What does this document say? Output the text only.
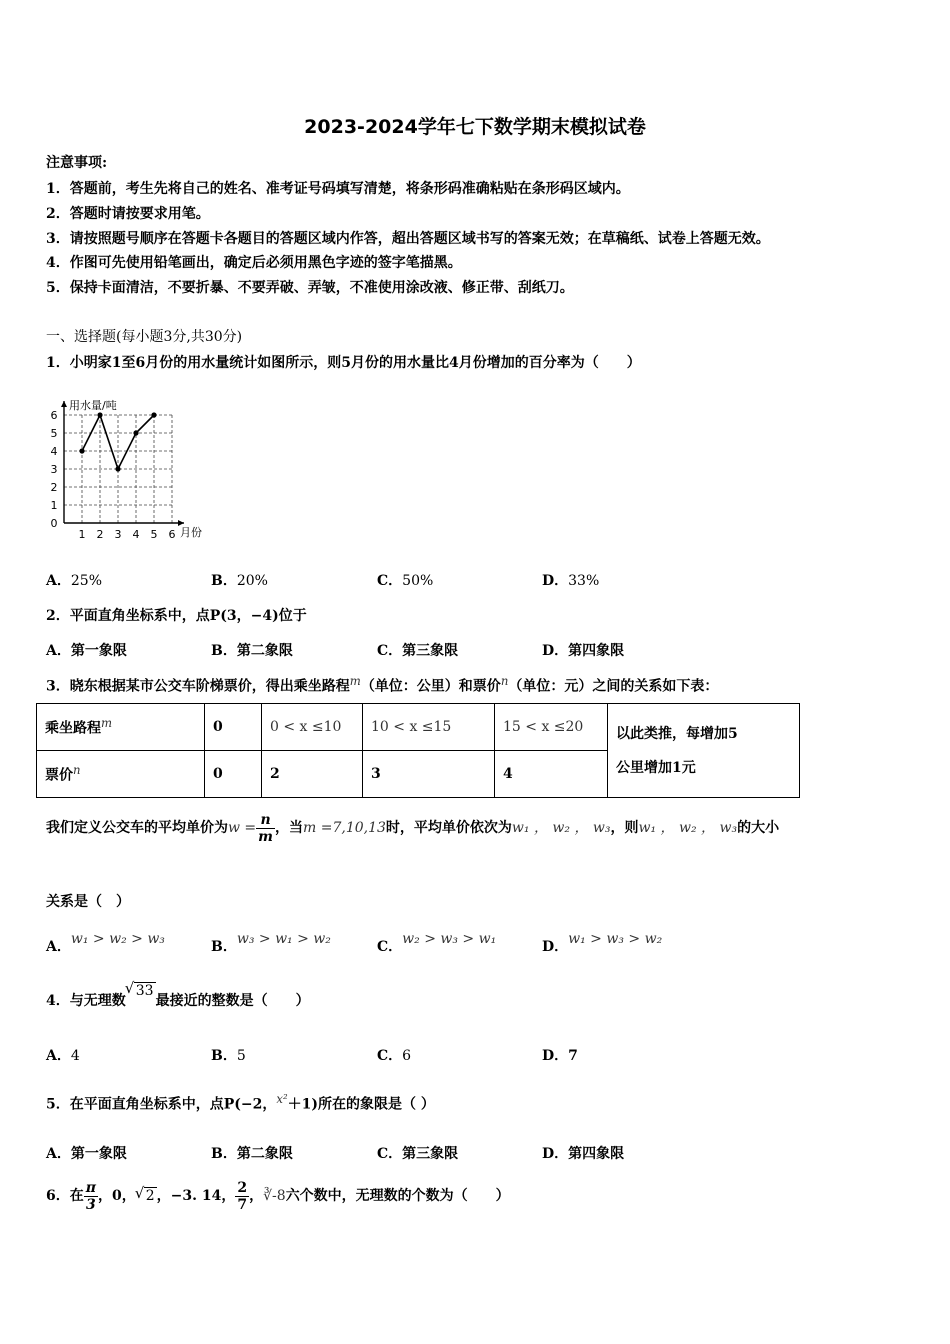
2023-2024学年七下数学期末模拟试卷
注意事项:
1．答题前，考生先将自己的姓名、准考证号码填写清楚，将条形码准确粘贴在条形码区域内。
2．答题时请按要求用笔。
3．请按照题号顺序在答题卡各题目的答题区域内作答，超出答题区域书写的答案无效；在草稿纸、试卷上答题无效。
4．作图可先使用铅笔画出，确定后必须用黑色字迹的签字笔描黑。
5．保持卡面清洁，不要折暴、不要弄破、弄皱，不准使用涂改液、修正带、刮纸刀。
一、选择题(每小题3分,共30分)
1．小明家1至6月份的用水量统计如图所示，则5月份的用水量比4月份增加的百分率为（　　）
0
1
2
3
4
5
6
1 2 3 4 5 6
用水量/吨
月份
A．25%	B．20%	C．50%	D．33%
2．平面直角坐标系中，点P(3，−4)位于
A．第一象限	B．第二象限	C．第三象限	D．第四象限
3．晓东根据某市公交车阶梯票价，得出乘坐路程$^m$（单位：公里）和票价$^n$（单位：元）之间的关系如下表：
乘坐路程$^m$	0	0 < x ≤10	10 < x ≤15	15 < x ≤20	以此类推，每增加5
公里增加1元
票价$^n$	0	2	3	4	
我们定义公交车的平均单价为$w = \frac{n}{m}$ ，当m =7,10,13时，平均单价依次为w₁ ， w₂ ， w₃，则w₁ ， w₂ ， w₃的大小
关系是（　）
A．w₁ > w₂ > w₃	B．w₃ > w₁ > w₂	C．w₂ > w₃ > w₁	D．w₁ > w₃ > w₂
4．与无理数√ 33最接近的整数是（　　）
A．4	B．5	C．6	D．7
5．在平面直角坐标系中，点P(−2，$^{x^2}$＋1)所在的象限是（ ）
A．第一象限	B．第二象限	C．第三象限	D．第四象限
6．在 $\frac{\pi}{3}$ ，0， √ 2 ，−3. 14， $\frac{2}{7}$ ，∛-8六个数中，无理数的个数为（　　）
